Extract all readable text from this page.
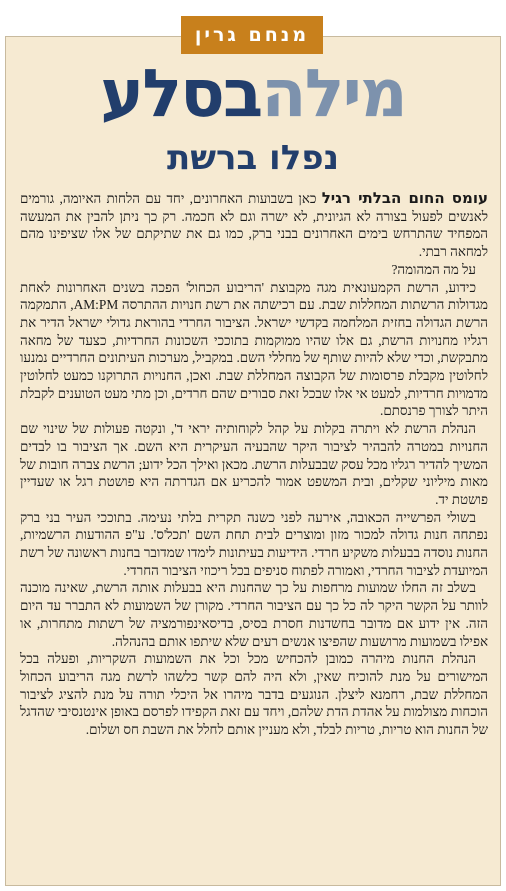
מנחם גרין
מילהבסלע
נפלו ברשת

עומס החום הבלתי רגיל כאן בשבועות האחרונים, יחד עם הלחות האיומה, גורמים לאנשים לפעול בצורה לא הגיונית, לא ישרה וגם לא חכמה. רק כך ניתן להבין את המעשה המפחיד שהתרחש בימים האחרונים בבני ברק, כמו גם את שתיקתם של אלו שציפינו מהם למחאה רבתי.

על מה המהומה?

כידוע, הרשת הקמעונאית מגה מקבוצת 'הריבוע הכחול' הפכה בשנים האחרונות לאחת מגדולות הרשתות המחללות שבת. עם רכישתה את רשת חנויות ההתרסה AM:PM, התמקמה הרשת הגדולה בחזית המלחמה בקדשי ישראל. הציבור החרדי בהוראת גדולי ישראל הדיר את רגליו מחנויות הרשת, גם אלו שהיו ממוקמות בתוככי השכונות החרדיות, כצעד של מחאה מתבקשת, וכדי שלא להיות שותף של מחללי השם. במקביל, מערכות העיתונים החרדיים נמנעו לחלוטין מקבלת פרסומות של הקבוצה המחללת שבת. ואכן, החנויות התרוקנו כמעט לחלוטין מדמויות חרדיות, למעט אי אלו שבכל זאת סבורים שהם חרדים, וכן מתי מעט הטוענים לקבלת היתר לצורך פרנסתם.

הנהלת הרשת לא ויתרה בקלות על קהל לקוחותיה יראי ד', ונקטה פעולות של שינוי שם החנויות במטרה להבהיר לציבור היקר שהבעיה העיקרית היא השם. אך הציבור בו לבדים המשיך להדיר רגליו מכל עסק שבבעלות הרשת. מכאן ואילך הכל ידוע; הרשת צברה חובות של מאות מיליוני שקלים, ובית המשפט אמור להכריע אם הגדרתה היא פושטת רגל או שעדיין פושטת יד.

בשולי הפרשייה הכאובה, אירעה לפני כשנה תקרית בלתי נעימה. בתוככי העיר בני ברק נפתחה חנות גדולה למכור מזון ומוצרים לבית תחת השם 'תכל'ס'. ע"פ ההודעות הרשמיות, החנות נוסדה בבעלות משקיע חרדי. הידיעות בעיתונות לימדו שמדובר בחנות ראשונה של רשת המיועדת לציבור החרדי, ואמורה לפתוח סניפים בכל ריכוזי הציבור החרדי.

בשלב זה החלו שמועות מרחפות על כך שהחנות היא בבעלות אותה הרשת, שאינה מוכנה לוותר על הקשר היקר לה כל כך עם הציבור החרדי. מקורן של השמועות לא התברר עד היום הזה. אין ידוע אם מדובר בחשדנות חסרת בסיס, בדיסאינפורמציה של רשתות מתחרות, או אפילו בשמועות מרושעות שהפיצו אנשים רעים שלא שיתפו אותם בהנהלה.

הנהלת החנות מיהרה כמובן להכחיש מכל וכל את השמועות השקריות, ופעלה בכל המישורים על מנת להוכיח שאין, ולא היה להם קשר כלשהו לרשת מגה הריבוע הכחול המחללת שבת, רחמנא ליצלן. הנוגעים בדבר מיהרו אל היכלי תורה על מנת להציג לציבור הוכחות מצולמות על אהדת הדת שלהם, ויחד עם זאת הקפידו לפרסם באופן אינטנסיבי שהדגל של החנות הוא טריות, טריות לבלד, ולא מעניין אותם לחלל את השבת חס ושלום.
